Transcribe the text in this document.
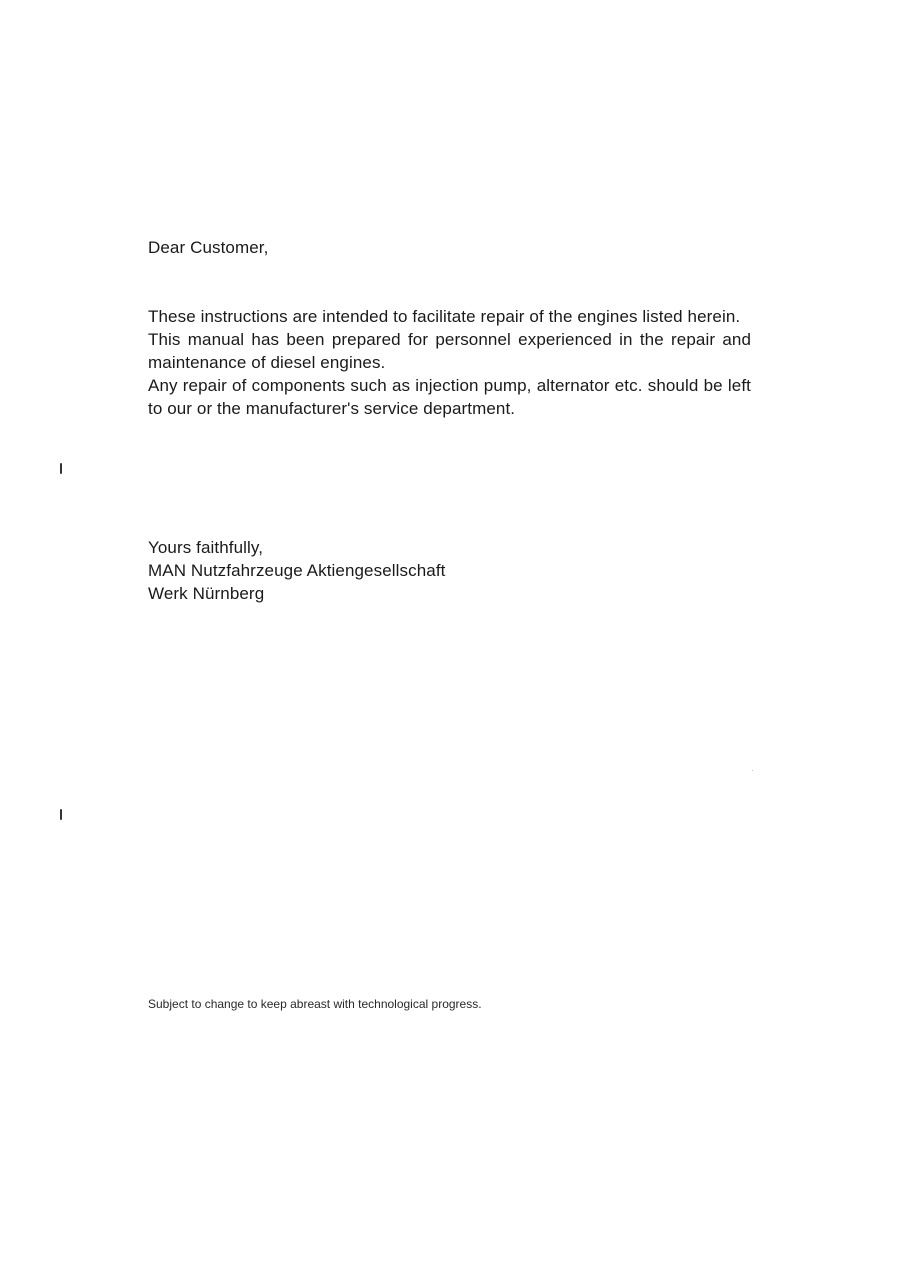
Dear Customer,

These instructions are intended to facilitate repair of the engines listed herein.

This manual has been prepared for personnel experienced in the repair and maintenance of diesel engines.

Any repair of components such as injection pump, alternator etc. should be left to our or the manufacturer's service department.

Yours faithfully,
MAN Nutzfahrzeuge Aktiengesellschaft
Werk Nürnberg
Subject to change to keep abreast with technological progress.
